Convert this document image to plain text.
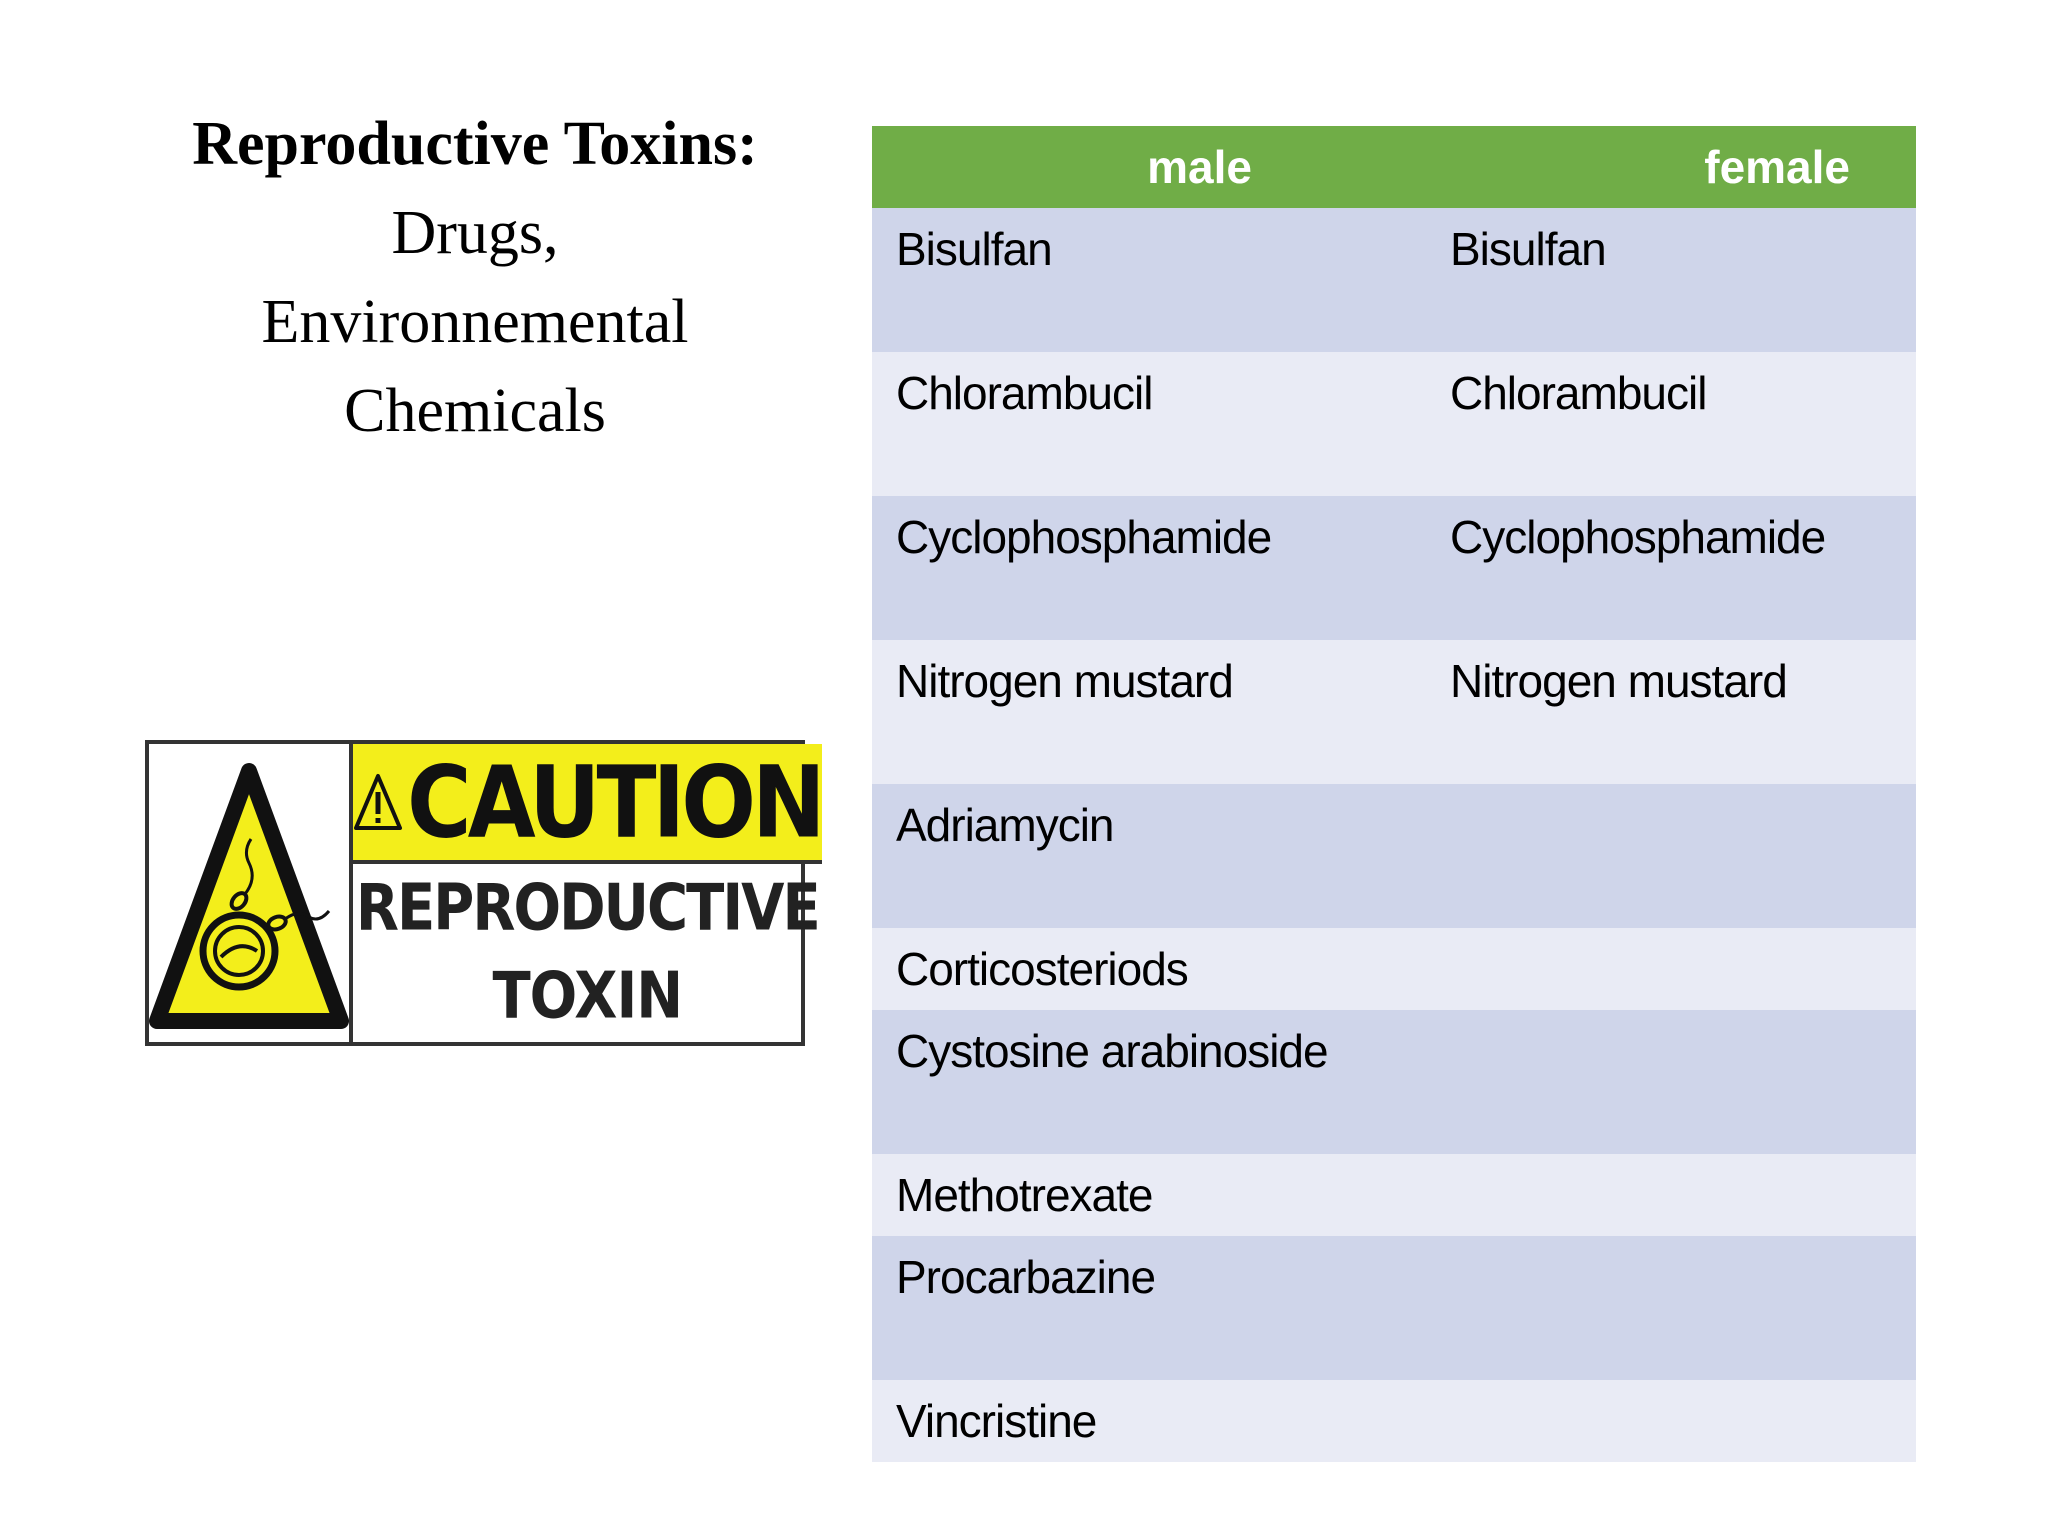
Reproductive Toxins:
Drugs,
Environnemental
Chemicals
CAUTION
REPRODUCTIVE
TOXIN
male	female
Bisulfan	Bisulfan
Chlorambucil	Chlorambucil
Cyclophosphamide	Cyclophosphamide
Nitrogen mustard	Nitrogen mustard
Adriamycin	
Corticosteriods	
Cystosine arabinoside	
Methotrexate	
Procarbazine	
Vincristine	
